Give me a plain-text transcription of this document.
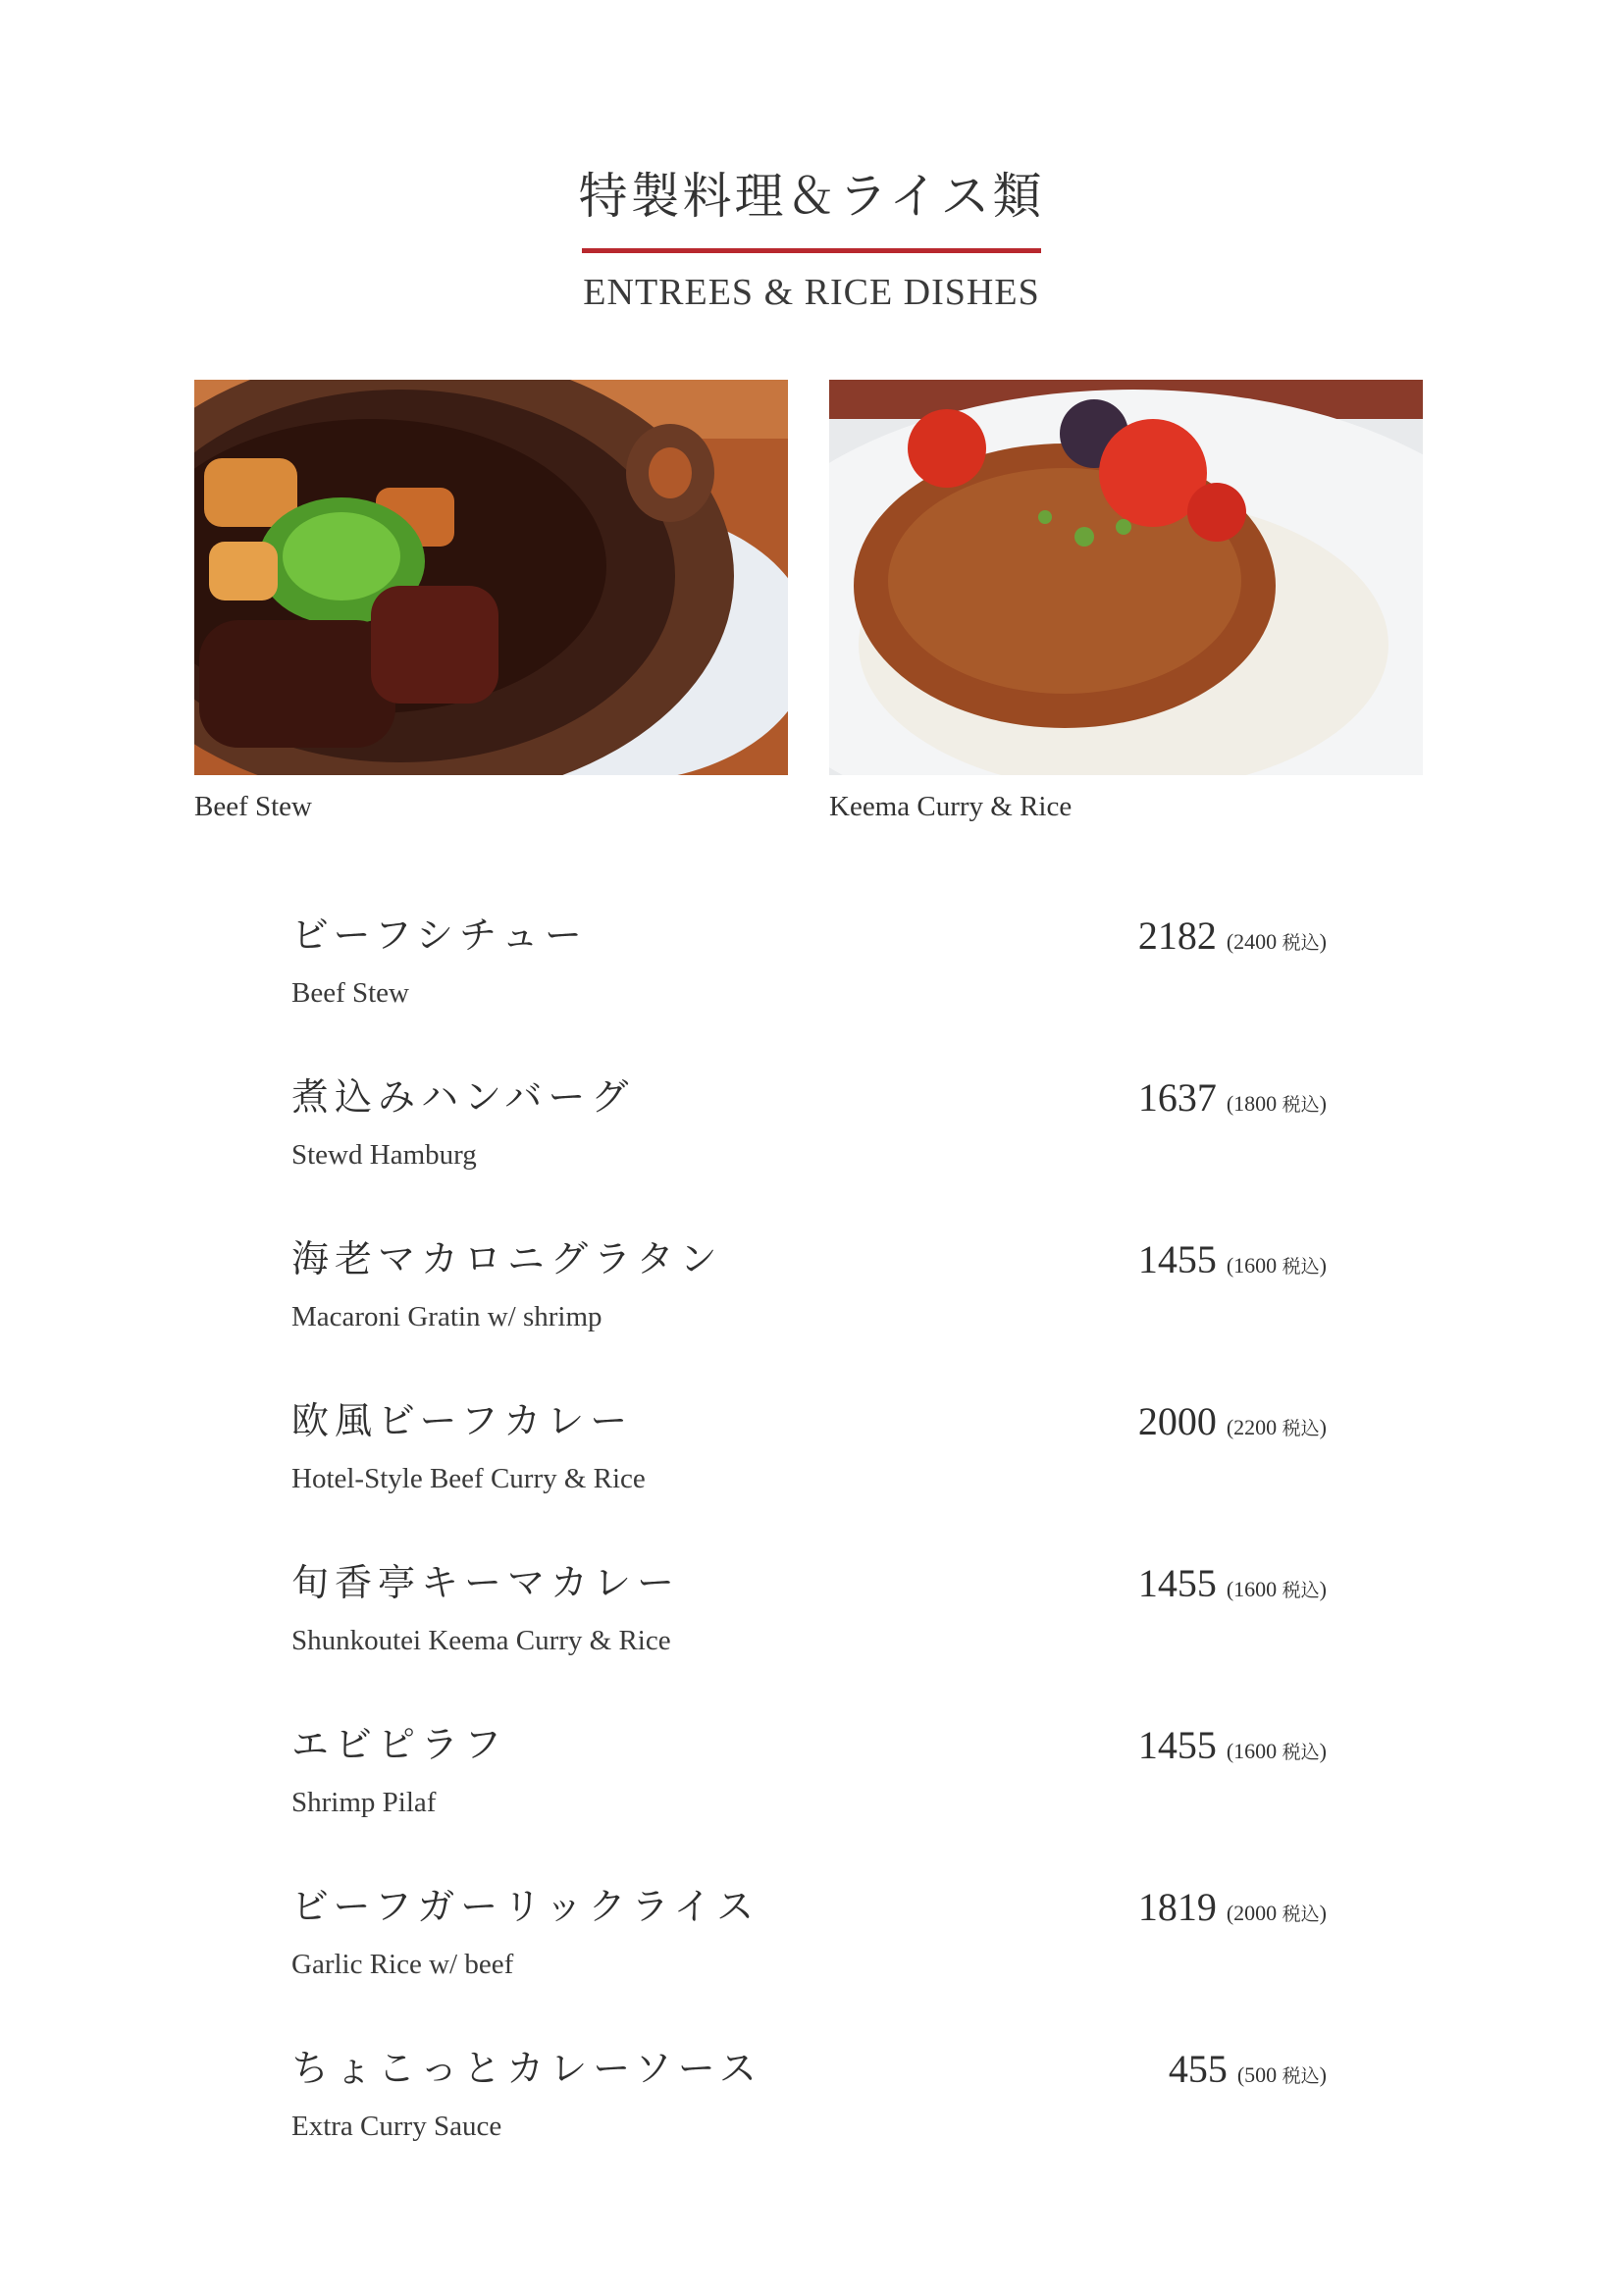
特製料理＆ライス類
ENTREES & RICE DISHES
Beef Stew	Keema Curry & Rice
ビーフシチュー
Beef Stew
2182 (2400 税込)
煮込みハンバーグ
Stewd Hamburg
1637 (1800 税込)
海老マカロニグラタン
Macaroni Gratin w/ shrimp
1455 (1600 税込)
欧風ビーフカレー
Hotel-Style Beef Curry & Rice
2000 (2200 税込)
旬香亭キーマカレー
Shunkoutei Keema Curry & Rice
1455 (1600 税込)
エビピラフ
Shrimp Pilaf
1455 (1600 税込)
ビーフガーリックライス
Garlic Rice w/ beef
1819 (2000 税込)
ちょこっとカレーソース
Extra Curry Sauce
455 (500 税込)
